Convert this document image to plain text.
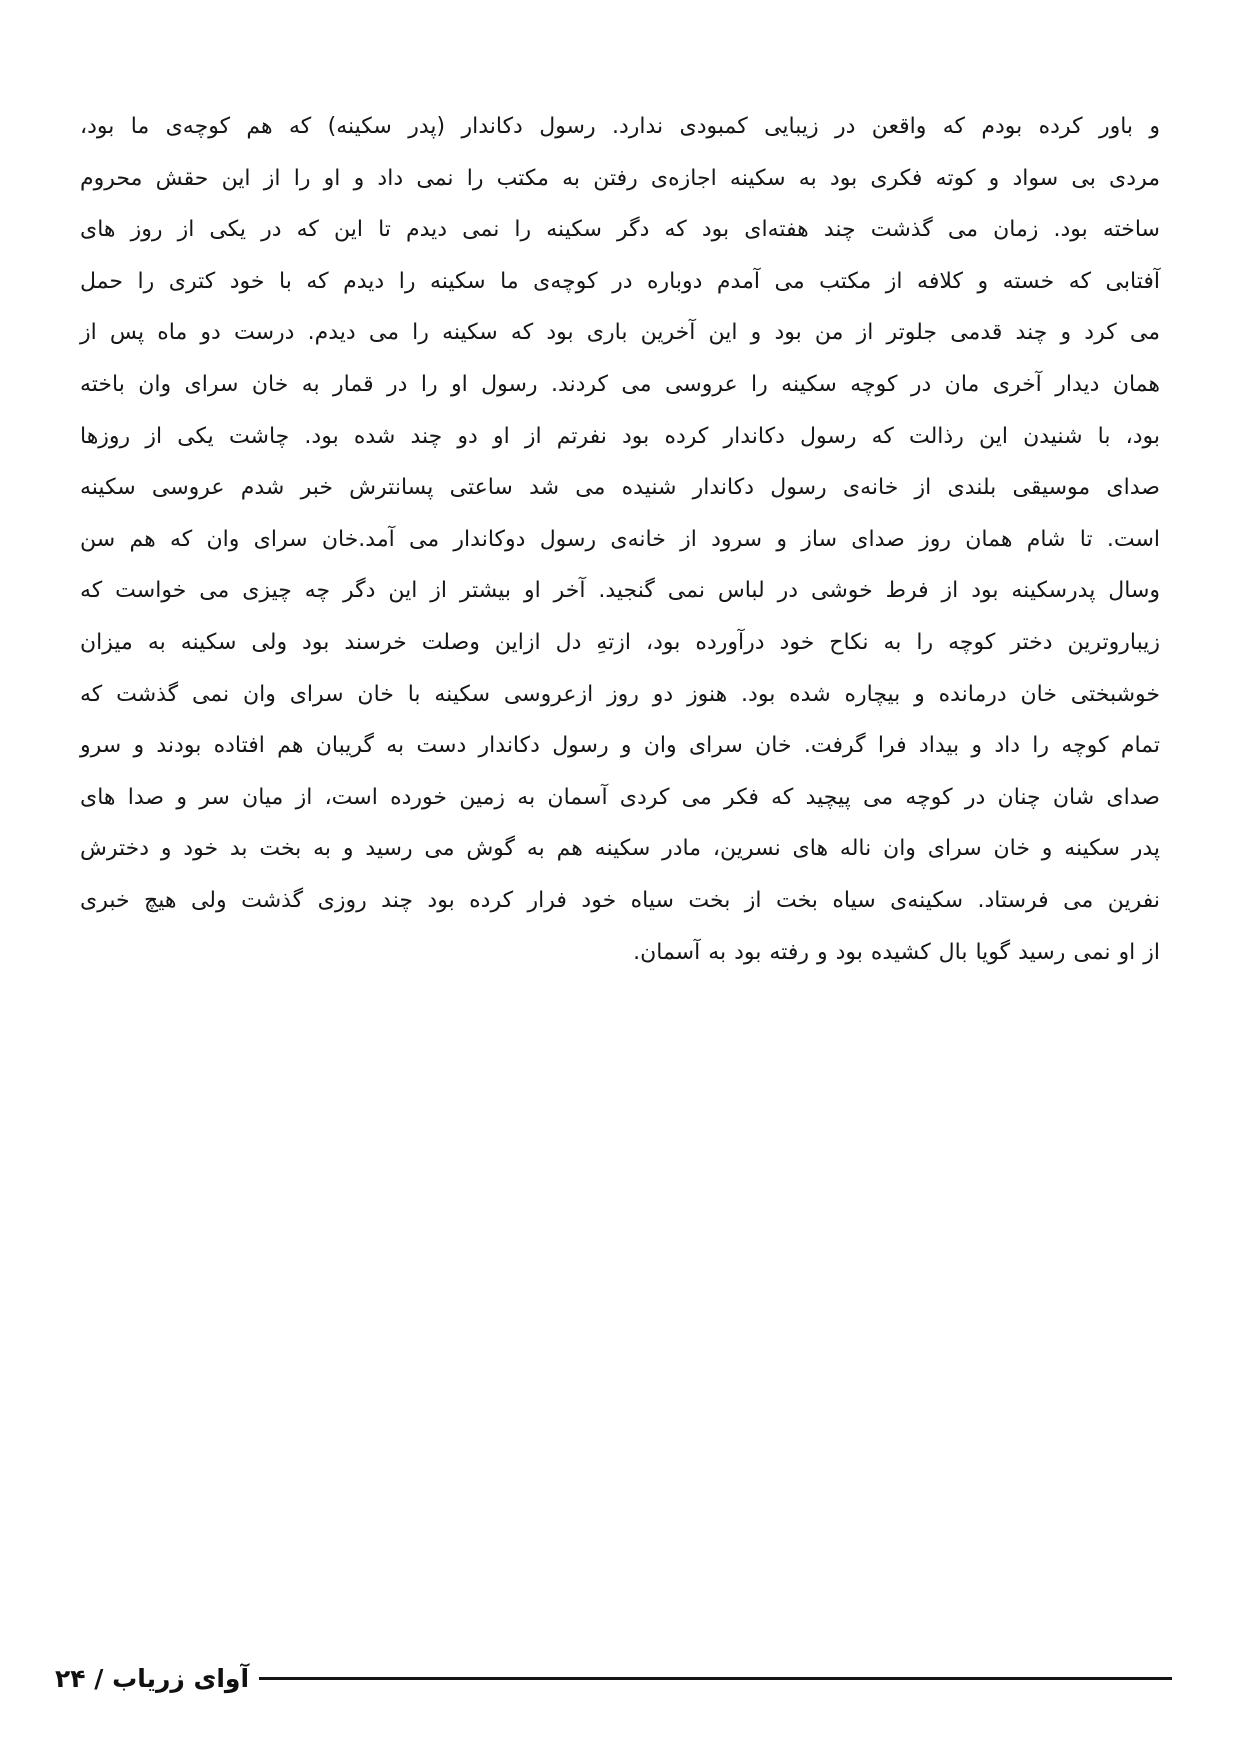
و باور کرده بودم که واقعن در زیبایی کمبودی ندارد. رسول دکاندار (پدر سکینه) که هم کوچه‌ی ما بود،
مردی بی سواد و کوته فکری بود به سکینه اجازه‌ی رفتن به مکتب را نمی داد و او را از این حقش محروم
ساخته بود. زمان می گذشت چند هفته‌ای بود که دگر سکینه را نمی دیدم تا این که در یکی از روز های
آفتابی که خسته و کلافه از مکتب می آمدم دوباره در کوچه‌ی ما سکینه را دیدم که با خود کتری را حمل
می کرد و چند قدمی جلوتر از من بود و این آخرین باری بود که سکینه را می دیدم. درست دو ماه پس از
همان دیدار آخری مان در کوچه سکینه را عروسی می کردند. رسول او را در قمار به خان سرای وان باخته
بود، با شنیدن این رذالت که رسول دکاندار کرده بود نفرتم از او دو چند شده بود. چاشت یکی از روزها
صدای موسیقی بلندی از خانه‌ی رسول دکاندار شنیده می شد ساعتی پسانترش خبر شدم عروسی سکینه
است. تا شام همان روز صدای ساز و سرود از خانه‌ی رسول دوکاندار می آمد.خان سرای وان که هم سن
وسال پدرسکینه بود از فرط خوشی در لباس نمی گنجید. آخر او بیشتر از این دگر چه چیزی می خواست که
زیباروترین دختر کوچه را به نکاح خود درآورده بود، ازتهِ دل ازاین وصلت خرسند بود ولی سکینه به میزان
خوشبختی خان درمانده و بیچاره شده بود. هنوز دو روز ازعروسی سکینه با خان سرای وان نمی گذشت که
تمام کوچه را داد و بیداد فرا گرفت. خان سرای وان و رسول دکاندار دست به گریبان هم افتاده بودند و سرو
صدای شان چنان در کوچه می پیچید که فکر می کردی آسمان به زمین خورده است، از میان سر و صدا های
پدر سکینه و خان سرای وان ناله های نسرین، مادر سکینه هم به گوش می رسید و به بخت بد خود و دخترش
نفرین می فرستاد. سکینه‌ی سیاه بخت از بخت سیاه خود فرار کرده بود چند روزی گذشت ولی هیچ خبری
از او نمی رسید گویا بال کشیده بود و رفته بود به آسمان.
آوای زریاب / ۲۴
